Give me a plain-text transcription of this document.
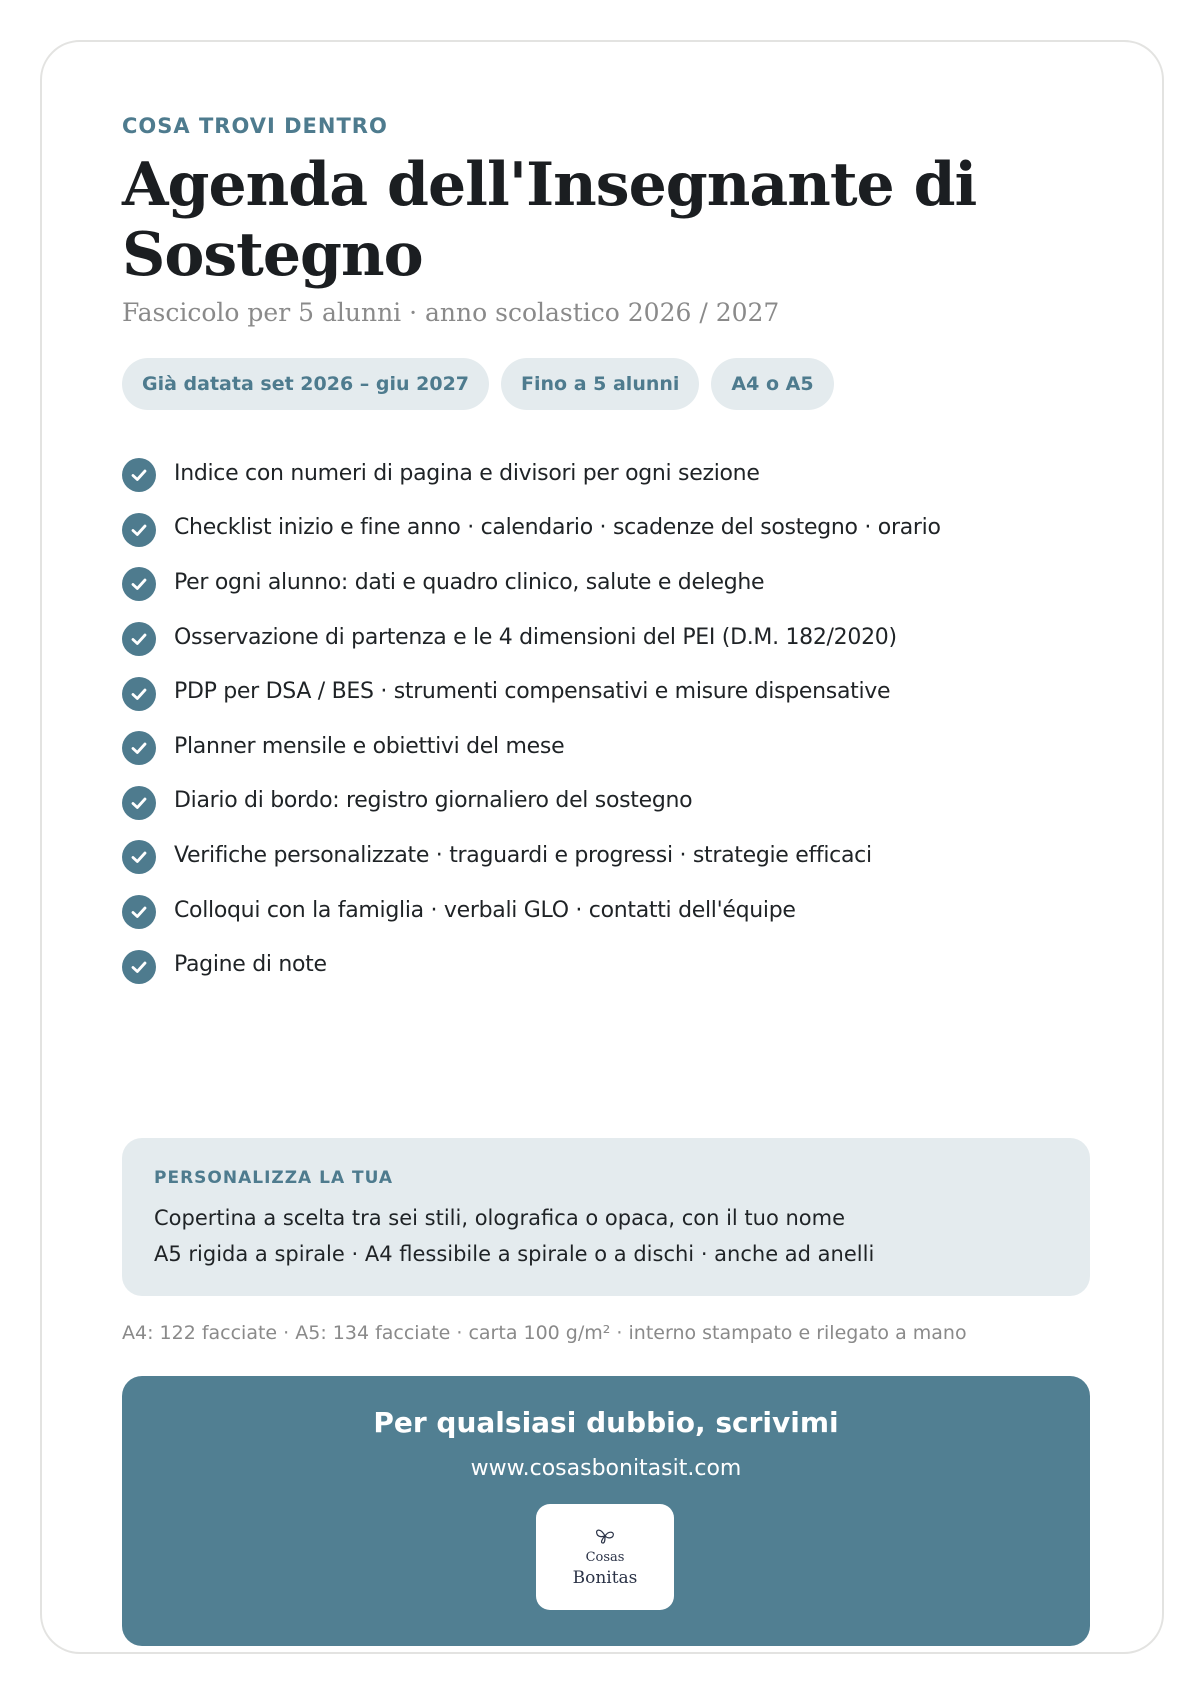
COSA TROVI DENTRO
Agenda dell'Insegnante di Sostegno
Fascicolo per 5 alunni · anno scolastico 2026 / 2027
Già datata set 2026 – giu 2027	Fino a 5 alunni	A4 o A5
Indice con numeri di pagina e divisori per ogni sezione
Checklist inizio e fine anno · calendario · scadenze del sostegno · orario
Per ogni alunno: dati e quadro clinico, salute e deleghe
Osservazione di partenza e le 4 dimensioni del PEI (D.M. 182/2020)
PDP per DSA / BES · strumenti compensativi e misure dispensative
Planner mensile e obiettivi del mese
Diario di bordo: registro giornaliero del sostegno
Verifiche personalizzate · traguardi e progressi · strategie efficaci
Colloqui con la famiglia · verbali GLO · contatti dell'équipe
Pagine di note
PERSONALIZZA LA TUA
Copertina a scelta tra sei stili, olografica o opaca, con il tuo nome
A5 rigida a spirale · A4 flessibile a spirale o a dischi · anche ad anelli
A4: 122 facciate · A5: 134 facciate · carta 100 g/m² · interno stampato e rilegato a mano
Per qualsiasi dubbio, scrivimi
www.cosasbonitasit.com
Cosas
Bonitas
